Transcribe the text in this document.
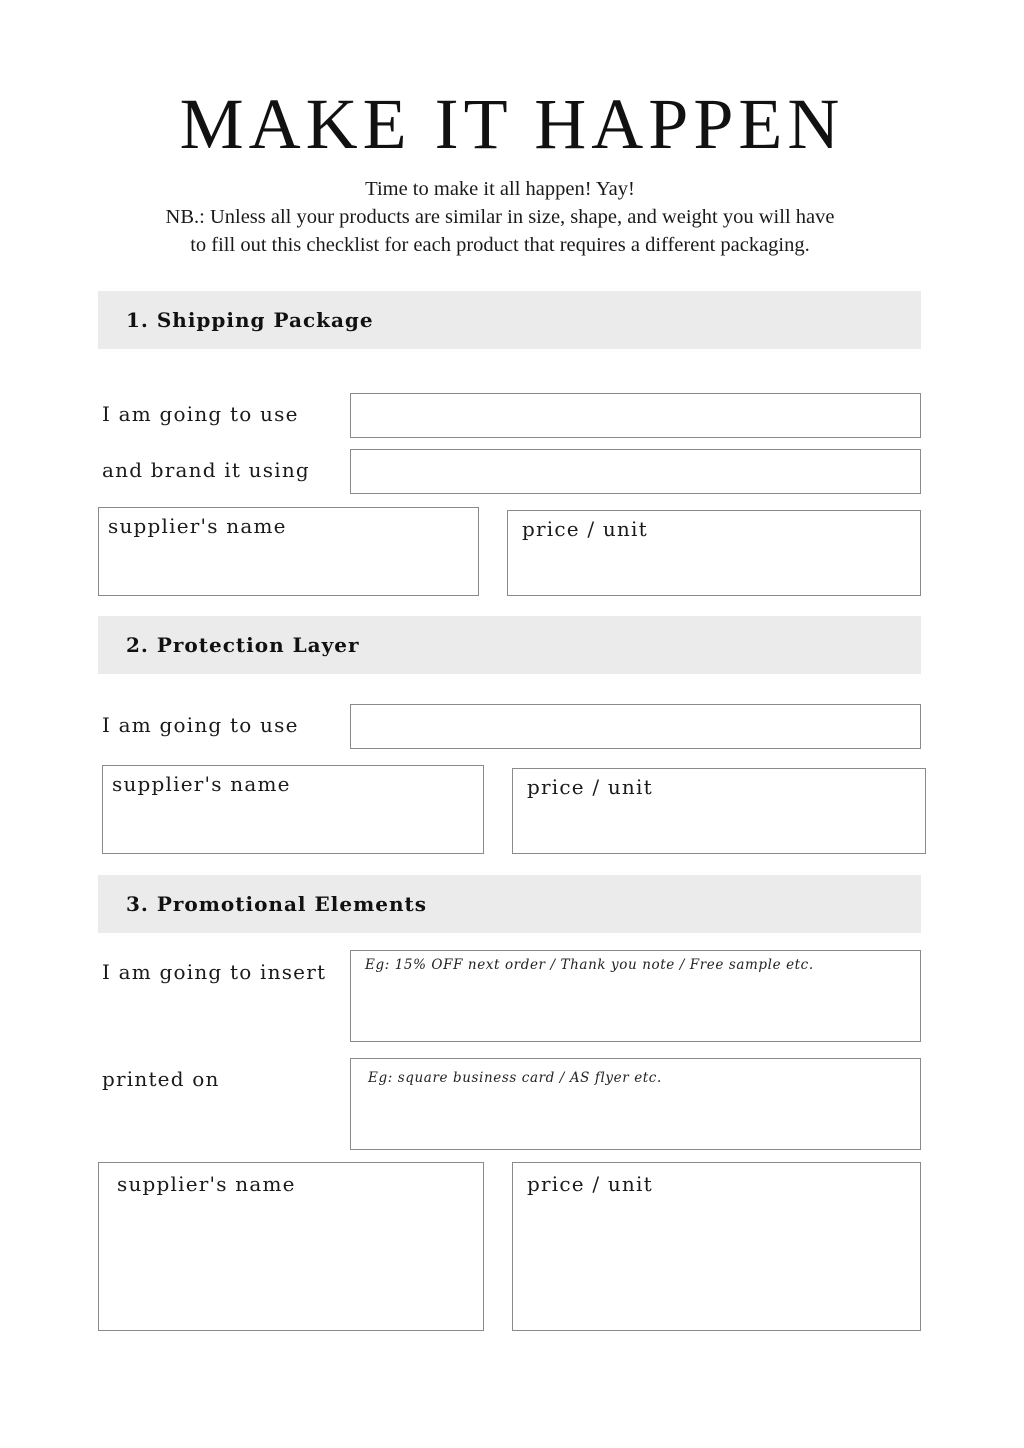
MAKE IT HAPPEN
Time to make it all happen! Yay!
NB.: Unless all your products are similar in size, shape, and weight you will have
to fill out this checklist for each product that requires a different packaging.
1. Shipping Package
I am going to use
and brand it using
supplier's name	price / unit
2. Protection Layer
I am going to use
supplier's name	price / unit
3. Promotional Elements
I am going to insert	Eg: 15% OFF next order / Thank you note / Free sample etc.
printed on	Eg: square business card / AS flyer etc.
supplier's name	price / unit
